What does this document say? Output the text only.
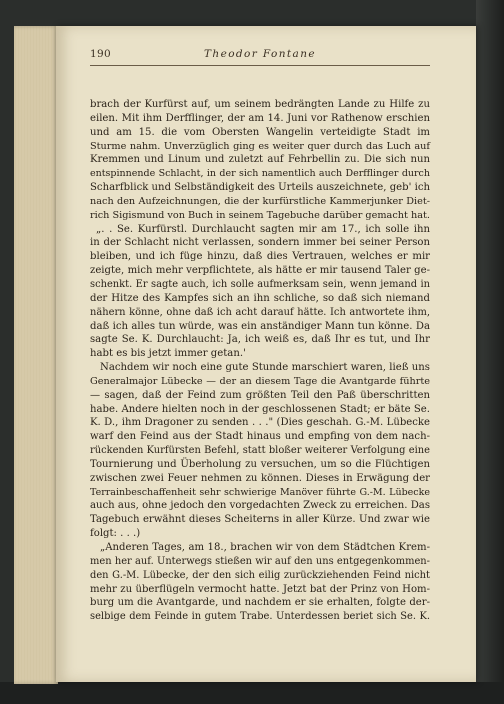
190	Theodor Fontane
brach der Kurfürst auf, um seinem bedrängten Lande zu Hilfe zu
eilen. Mit ihm Derfflinger, der am 14. Juni vor Rathenow erschien
und am 15. die vom Obersten Wangelin verteidigte Stadt im
Sturme nahm. Unverzüglich ging es weiter quer durch das Luch auf
Kremmen und Linum und zuletzt auf Fehrbellin zu. Die sich nun
entspinnende Schlacht, in der sich namentlich auch Derfflinger durch
Scharfblick und Selbständigkeit des Urteils auszeichnete, geb' ich
nach den Aufzeichnungen, die der kurfürstliche Kammerjunker Diet-
rich Sigismund von Buch in seinem Tagebuche darüber gemacht hat.
„. . Se. Kurfürstl. Durchlaucht sagten mir am 17., ich solle ihn
in der Schlacht nicht verlassen, sondern immer bei seiner Person
bleiben, und ich füge hinzu, daß dies Vertrauen, welches er mir
zeigte, mich mehr verpflichtete, als hätte er mir tausend Taler ge-
schenkt. Er sagte auch, ich solle aufmerksam sein, wenn jemand in
der Hitze des Kampfes sich an ihn schliche, so daß sich niemand
nähern könne, ohne daß ich acht darauf hätte. Ich antwortete ihm,
daß ich alles tun würde, was ein anständiger Mann tun könne. Da
sagte Se. K. Durchlaucht: Ja, ich weiß es, daß Ihr es tut, und Ihr
habt es bis jetzt immer getan.'
Nachdem wir noch eine gute Stunde marschiert waren, ließ uns
Generalmajor Lübecke — der an diesem Tage die Avantgarde führte
— sagen, daß der Feind zum größten Teil den Paß überschritten
habe. Andere hielten noch in der geschlossenen Stadt; er bäte Se.
K. D., ihm Dragoner zu senden . . ." (Dies geschah. G.-M. Lübecke
warf den Feind aus der Stadt hinaus und empfing von dem nach-
rückenden Kurfürsten Befehl, statt bloßer weiterer Verfolgung eine
Tournierung und Überholung zu versuchen, um so die Flüchtigen
zwischen zwei Feuer nehmen zu können. Dieses in Erwägung der
Terrainbeschaffenheit sehr schwierige Manöver führte G.-M. Lübecke
auch aus, ohne jedoch den vorgedachten Zweck zu erreichen. Das
Tagebuch erwähnt dieses Scheiterns in aller Kürze. Und zwar wie
folgt: . . .)
„Anderen Tages, am 18., brachen wir von dem Städtchen Krem-
men her auf. Unterwegs stießen wir auf den uns entgegenkommen-
den G.-M. Lübecke, der den sich eilig zurückziehenden Feind nicht
mehr zu überflügeln vermocht hatte. Jetzt bat der Prinz von Hom-
burg um die Avantgarde, und nachdem er sie erhalten, folgte der-
selbige dem Feinde in gutem Trabe. Unterdessen beriet sich Se. K.
